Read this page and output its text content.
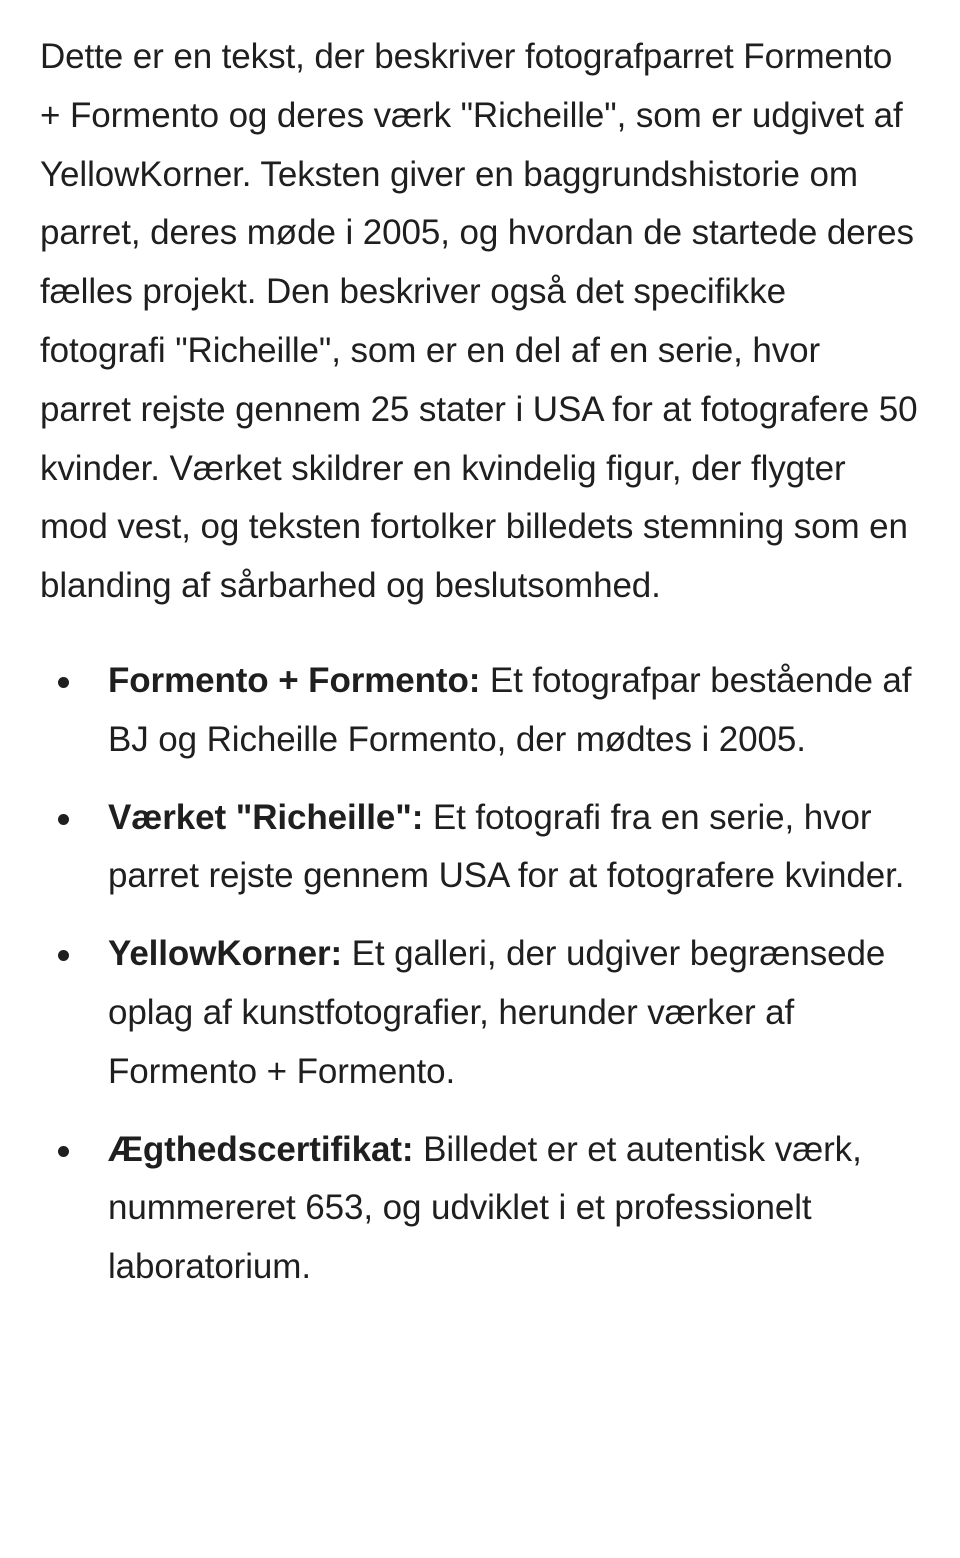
Dette er en tekst, der beskriver fotografparret Formento + Formento og deres værk "Richeille", som er udgivet af YellowKorner. Teksten giver en baggrundshistorie om parret, deres møde i 2005, og hvordan de startede deres fælles projekt. Den beskriver også det specifikke fotografi "Richeille", som er en del af en serie, hvor parret rejste gennem 25 stater i USA for at fotografere 50 kvinder. Værket skildrer en kvindelig figur, der flygter mod vest, og teksten fortolker billedets stemning som en blanding af sårbarhed og beslutsomhed.

Formento + Formento: Et fotografpar bestående af BJ og Richeille Formento, der mødtes i 2005.
Værket "Richeille": Et fotografi fra en serie, hvor parret rejste gennem USA for at fotografere kvinder.
YellowKorner: Et galleri, der udgiver begrænsede oplag af kunstfotografier, herunder værker af Formento + Formento.
Ægthedscertifikat: Billedet er et autentisk værk, nummereret 653, og udviklet i et professionelt laboratorium.
